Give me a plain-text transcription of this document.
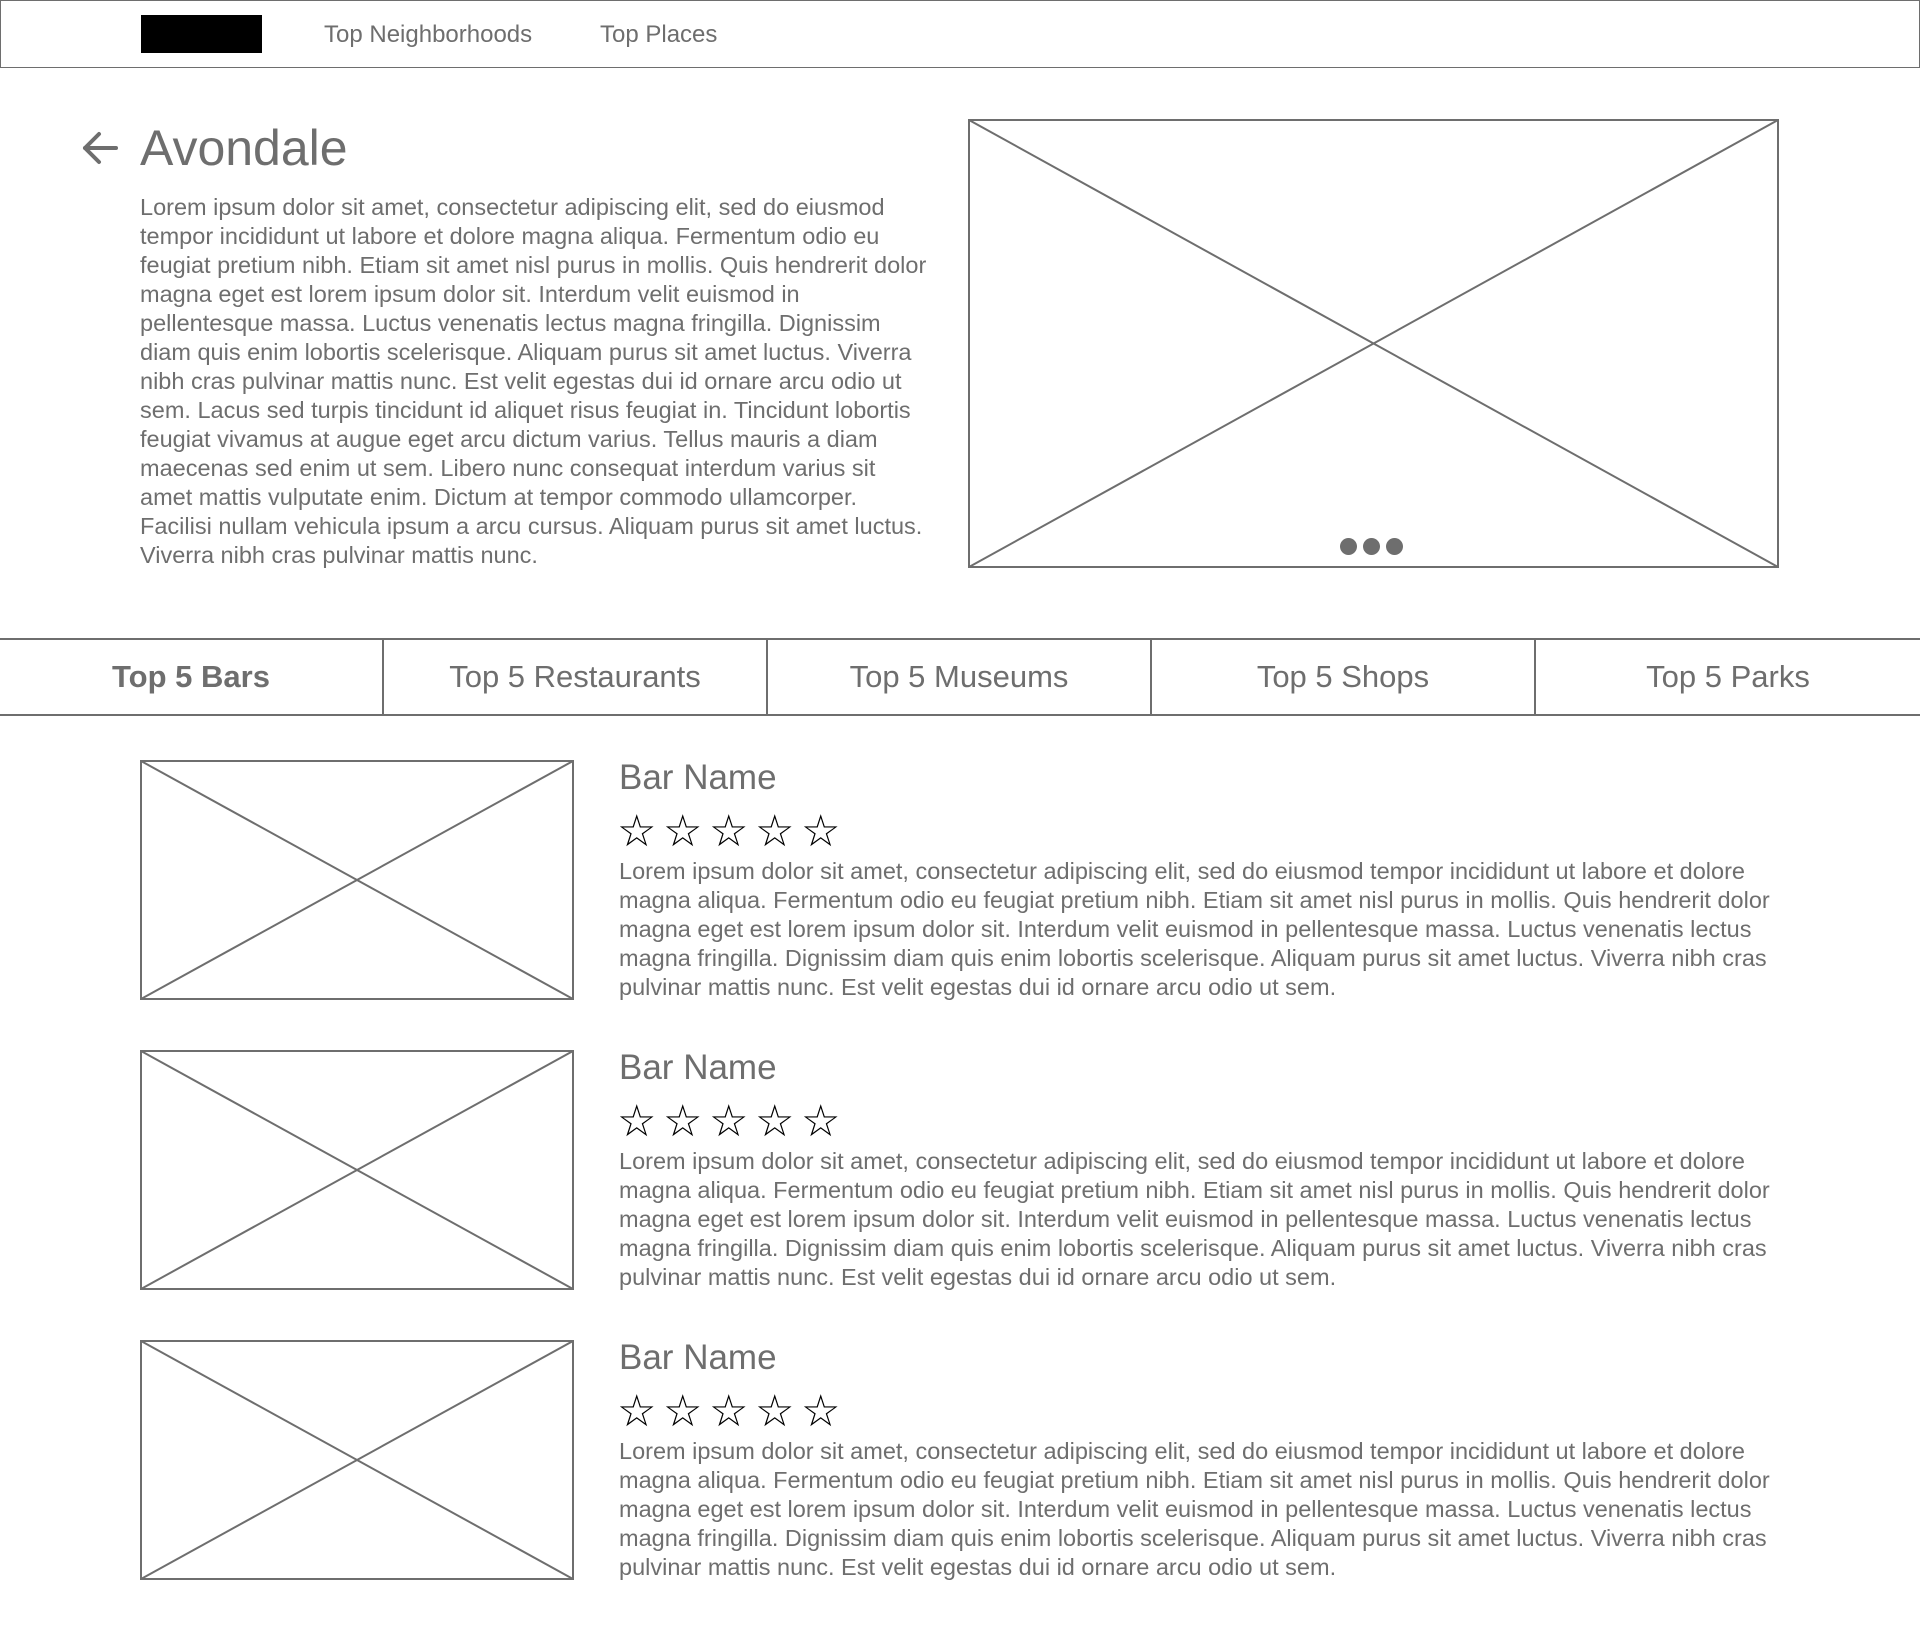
Top Neighborhoods	Top Places
Avondale

Lorem ipsum dolor sit amet, consectetur adipiscing elit, sed do eiusmod tempor incididunt ut labore et dolore magna aliqua. Fermentum odio eu feugiat pretium nibh. Etiam sit amet nisl purus in mollis. Quis hendrerit dolor magna eget est lorem ipsum dolor sit. Interdum velit euismod in pellentesque massa. Luctus venenatis lectus magna fringilla. Dignissim diam quis enim lobortis scelerisque. Aliquam purus sit amet luctus. Viverra nibh cras pulvinar mattis nunc. Est velit egestas dui id ornare arcu odio ut sem. Lacus sed turpis tincidunt id aliquet risus feugiat in. Tincidunt lobortis feugiat vivamus at augue eget arcu dictum varius. Tellus mauris a diam maecenas sed enim ut sem. Libero nunc consequat interdum varius sit amet mattis vulputate enim. Dictum at tempor commodo ullamcorper. Facilisi nullam vehicula ipsum a arcu cursus. Aliquam purus sit amet luctus. Viverra nibh cras pulvinar mattis nunc.

Top 5 Bars	Top 5 Restaurants	Top 5 Museums	Top 5 Shops	Top 5 Parks
Bar Name
☆ ☆ ☆ ☆ ☆

Lorem ipsum dolor sit amet, consectetur adipiscing elit, sed do eiusmod tempor incididunt ut labore et dolore magna aliqua. Fermentum odio eu feugiat pretium nibh. Etiam sit amet nisl purus in mollis. Quis hendrerit dolor magna eget est lorem ipsum dolor sit. Interdum velit euismod in pellentesque massa. Luctus venenatis lectus magna fringilla. Dignissim diam quis enim lobortis scelerisque. Aliquam purus sit amet luctus. Viverra nibh cras pulvinar mattis nunc. Est velit egestas dui id ornare arcu odio ut sem.

Bar Name
☆ ☆ ☆ ☆ ☆

Lorem ipsum dolor sit amet, consectetur adipiscing elit, sed do eiusmod tempor incididunt ut labore et dolore magna aliqua. Fermentum odio eu feugiat pretium nibh. Etiam sit amet nisl purus in mollis. Quis hendrerit dolor magna eget est lorem ipsum dolor sit. Interdum velit euismod in pellentesque massa. Luctus venenatis lectus magna fringilla. Dignissim diam quis enim lobortis scelerisque. Aliquam purus sit amet luctus. Viverra nibh cras pulvinar mattis nunc. Est velit egestas dui id ornare arcu odio ut sem.

Bar Name
☆ ☆ ☆ ☆ ☆

Lorem ipsum dolor sit amet, consectetur adipiscing elit, sed do eiusmod tempor incididunt ut labore et dolore magna aliqua. Fermentum odio eu feugiat pretium nibh. Etiam sit amet nisl purus in mollis. Quis hendrerit dolor magna eget est lorem ipsum dolor sit. Interdum velit euismod in pellentesque massa. Luctus venenatis lectus magna fringilla. Dignissim diam quis enim lobortis scelerisque. Aliquam purus sit amet luctus. Viverra nibh cras pulvinar mattis nunc. Est velit egestas dui id ornare arcu odio ut sem.
